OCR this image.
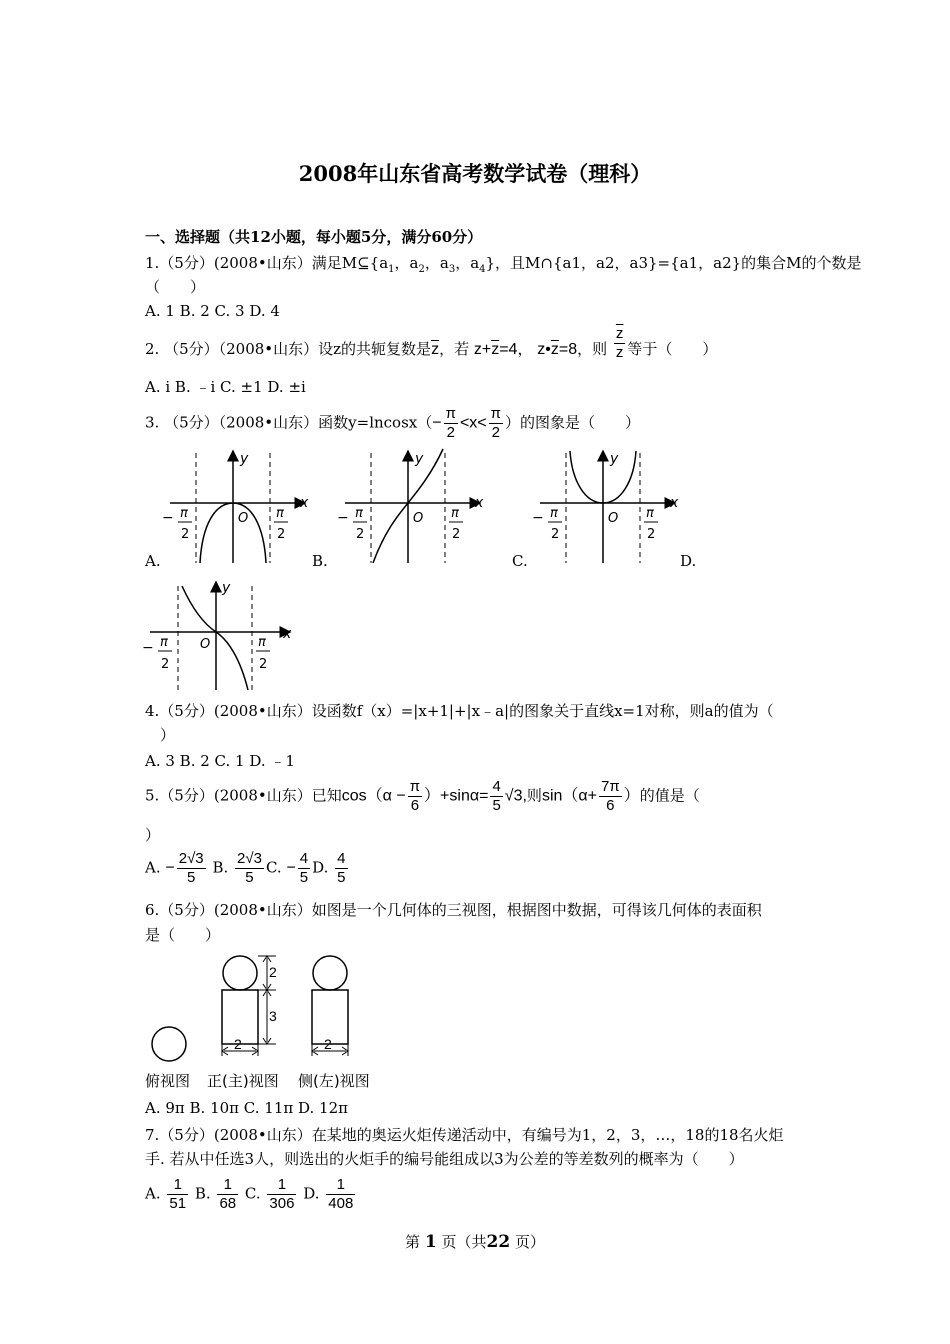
2008年山东省高考数学试卷（理科）
一、选择题（共12小题，每小题5分，满分60分）
1.（5分）(2008•山东）满足$M⊆\{a_1$，$a_2$，$a_3$，$a_4$}，且M∩{a1，a2，a3}={a1，a2}的集合M的个数是
（　　）
A. 1 B. 2 C. 3 D. 4
2. （5分）（2008•山东）设z的共轭复数是$\overline{z}$，若 $z+\overline{z}=4$， $z•\overline{z}=8$，则 $\frac{\overline{z}}{z}$ 等于（　　）
A. i B. ﹣i C. ±1 D. ±i
3. （5分）（2008•山东）函数$y=lncosx(- \frac{\pi}{2} <x< \frac{\pi}{2}$ ）的图象是（　　）
y
x
O
− π
2
π
2
y
x
O
− π
2
π
2
y
x
O
− π
2
π
2
A.	B.	C.	D.
y
x
O
− π
2
π
2
4.（5分）(2008•山东）设函数f（x）=|x+1|+|x﹣a|的图象关于直线x=1对称，则a的值为（
）
A. 3 B. 2 C. 1 D. ﹣1
5.（5分）(2008•山东）已知$\cos(\alpha - \frac{\pi}{6} )+\sin\alpha= \frac{4}{5} √3$,则$\sin(\alpha+ \frac{7\pi}{6}$ ）的值是（
）
A. − $\frac{2√3}{5} B$. $\frac{2√3}{5} C$. − $\frac{4}{5} D$. $\frac{4}{5}$
6.（5分）(2008•山东）如图是一个几何体的三视图，根据图中数据，可得该几何体的表面积
是（　　）
2
3
2	2
俯视图 正(主)视图 侧(左)视图
A. 9π B. 10π C. 11π D. 12π
7.（5分）(2008•山东）在某地的奥运火炬传递活动中，有编号为1，2，3，…，18的18名火炬
手. 若从中任选3人，则选出的火炬手的编号能组成以3为公差的等差数列的概率为（　　）
A. $\frac{1}{51} B$. $\frac{1}{68} C$. $\frac{1}{306} D$. $\frac{1}{408}$
第 1 页（共22 页）
